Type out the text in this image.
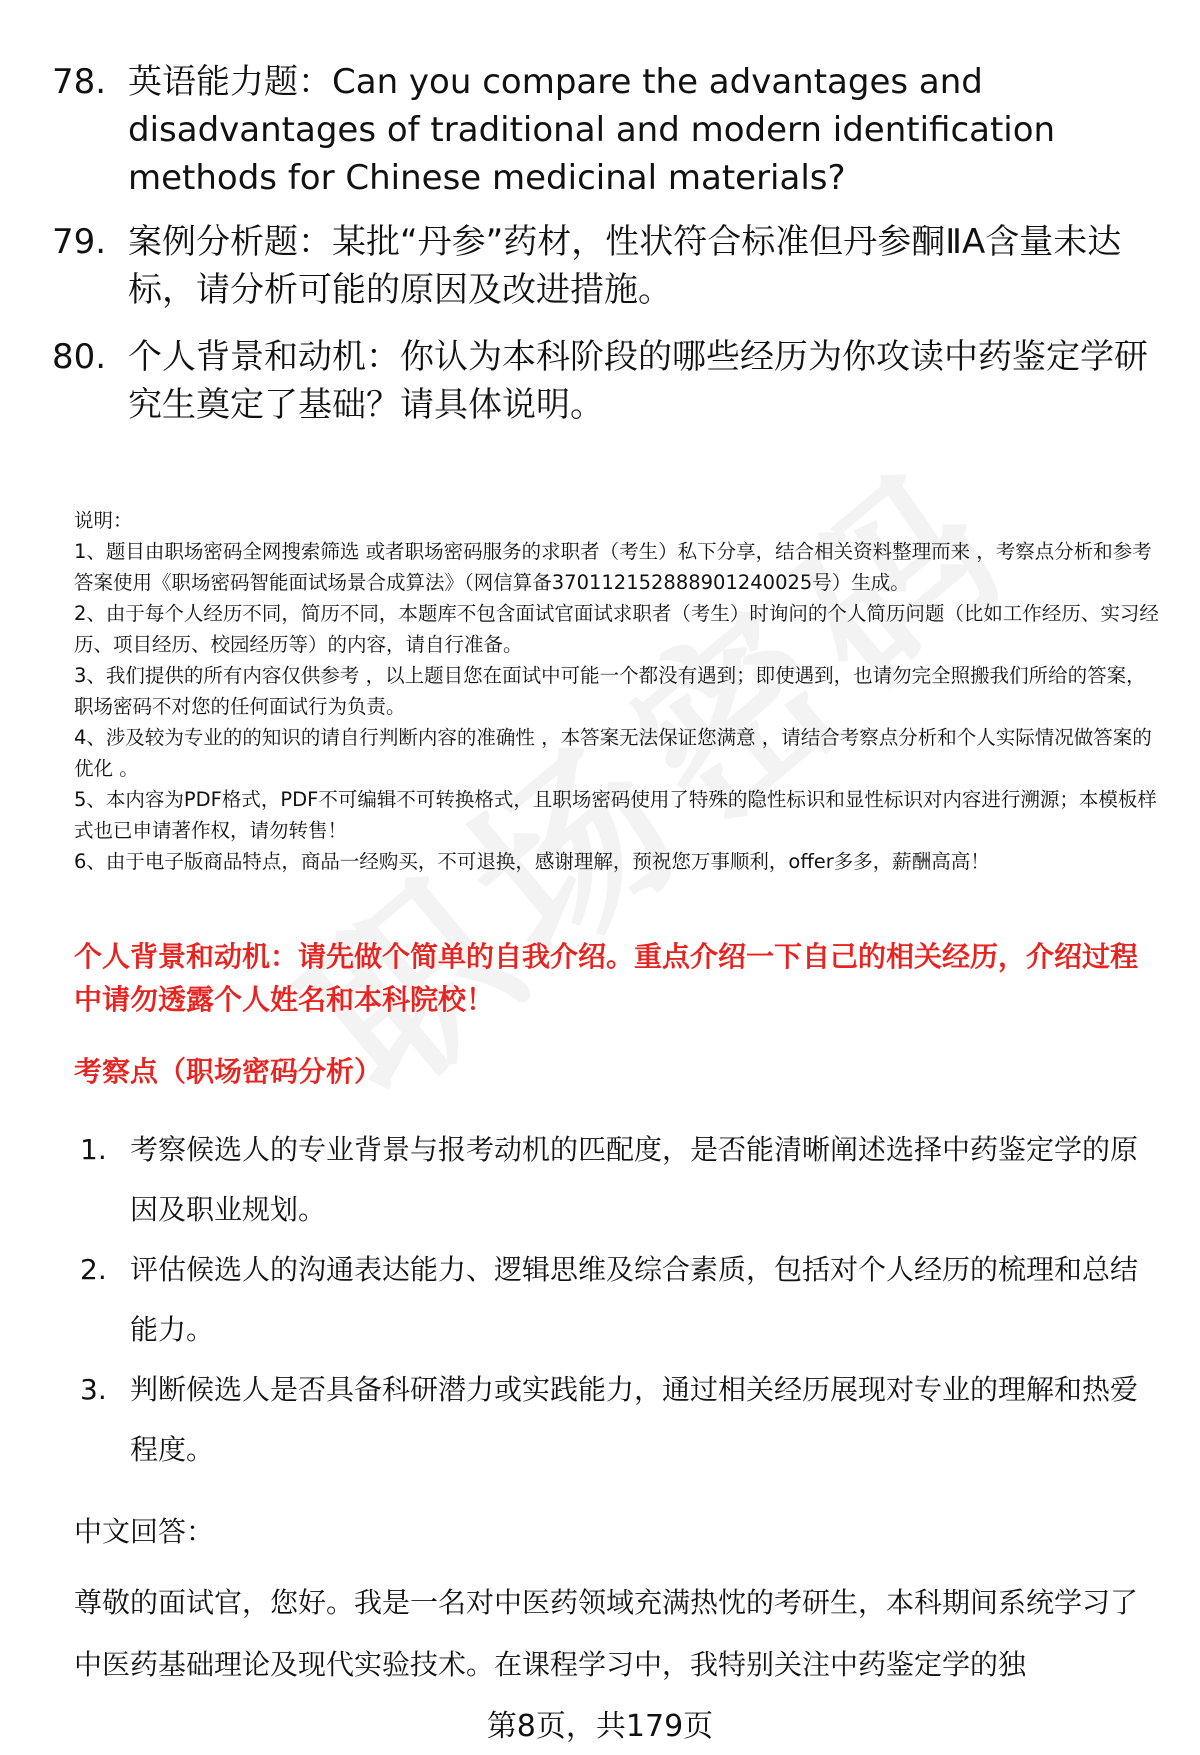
78. 英语能力题：Can you compare the advantages and disadvantages of traditional and modern identification methods for Chinese medicinal materials?
79. 案例分析题：某批“丹参”药材，性状符合标准但丹参酮ⅡA含量未达标，请分析可能的原因及改进措施。
80. 个人背景和动机：你认为本科阶段的哪些经历为你攻读中药鉴定学研究生奠定了基础？请具体说明。

说明：

1、题目由职场密码全网搜索筛选 或者职场密码服务的求职者（考生）私下分享，结合相关资料整理而来 ，考察点分析和参考答案使用《职场密码智能面试场景合成算法》（网信算备370112152888901240025号）生成。

2、由于每个人经历不同，简历不同，本题库不包含面试官面试求职者（考生）时询问的个人简历问题（比如工作经历、实习经历、项目经历、校园经历等）的内容，请自行准备。

3、我们提供的所有内容仅供参考 ，以上题目您在面试中可能一个都没有遇到；即使遇到，也请勿完全照搬我们所给的答案，职场密码不对您的任何面试行为负责。

4、涉及较为专业的的知识的请自行判断内容的准确性 ，本答案无法保证您满意 ，请结合考察点分析和个人实际情况做答案的优化 。

5、本内容为PDF格式，PDF不可编辑不可转换格式，且职场密码使用了特殊的隐性标识和显性标识对内容进行溯源；本模板样式也已申请著作权，请勿转售！

6、由于电子版商品特点，商品一经购买，不可退换，感谢理解，预祝您万事顺利，offer多多，薪酬高高！

个人背景和动机：请先做个简单的自我介绍。重点介绍一下自己的相关经历，介绍过程中请勿透露个人姓名和本科院校！
考察点（职场密码分析）
1. 考察候选人的专业背景与报考动机的匹配度，是否能清晰阐述选择中药鉴定学的原因及职业规划。
2. 评估候选人的沟通表达能力、逻辑思维及综合素质，包括对个人经历的梳理和总结能力。
3. 判断候选人是否具备科研潜力或实践能力，通过相关经历展现对专业的理解和热爱程度。
中文回答：
尊敬的面试官，您好。我是一名对中医药领域充满热忱的考研生，本科期间系统学习了中医药基础理论及现代实验技术。在课程学习中，我特别关注中药鉴定学的独
第8页，共179页
